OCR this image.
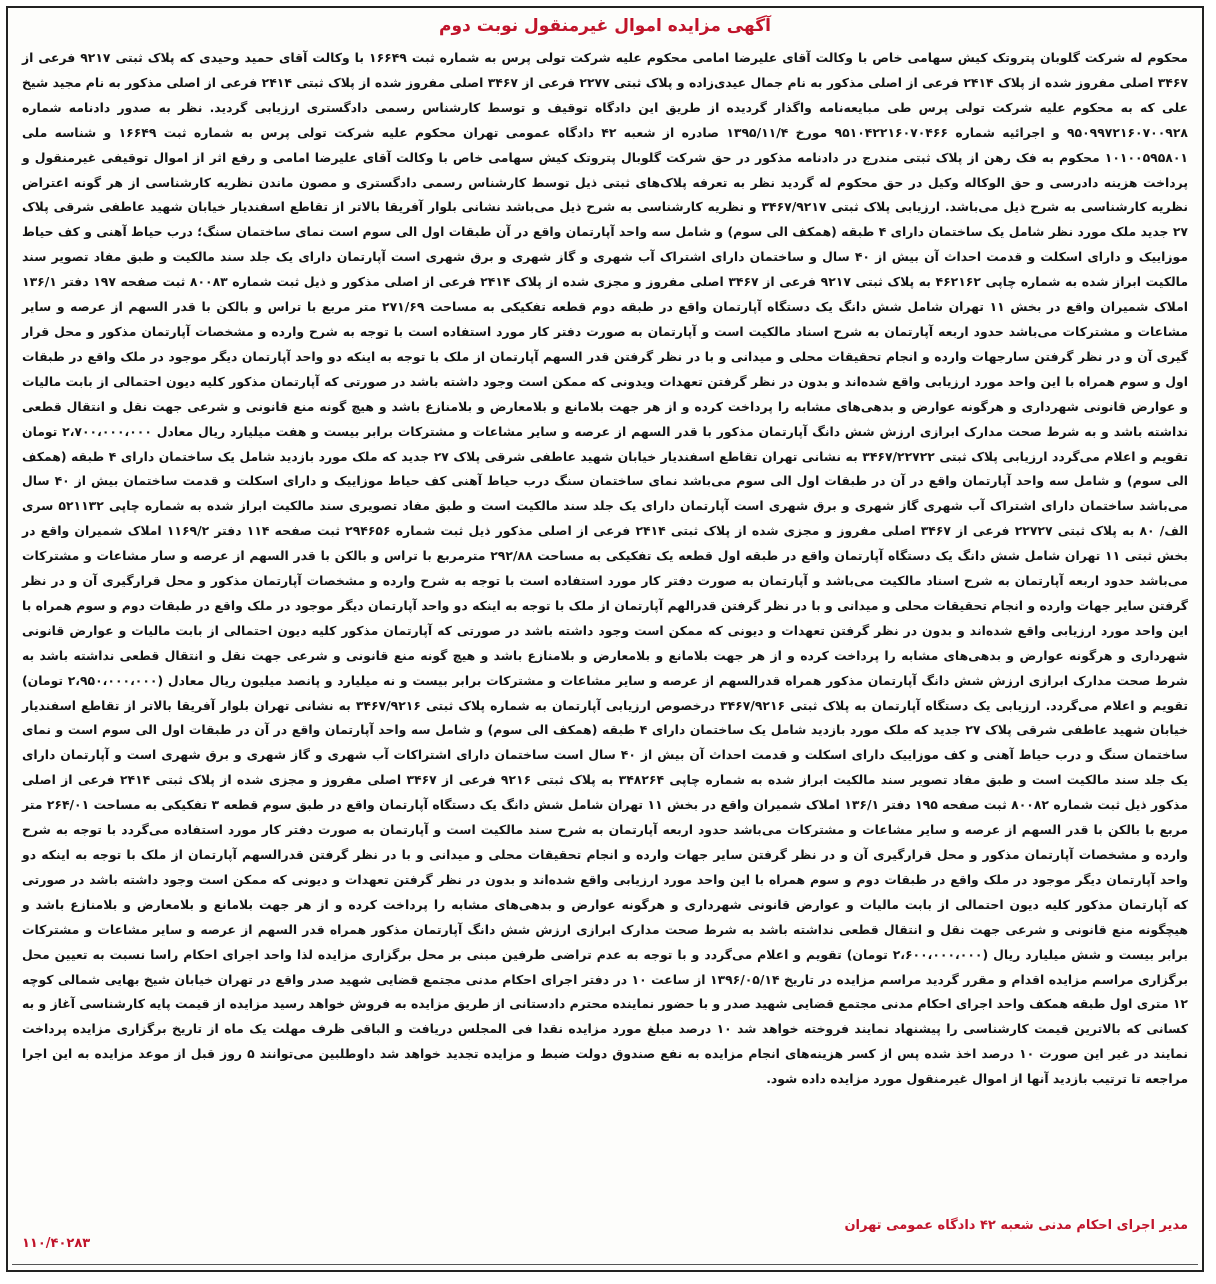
آگهی مزایده اموال غیرمنقول نوبت دوم
محکوم له شرکت گلوبان پتروتک کیش سهامی خاص با وکالت آقای علیرضا امامی محکوم علیه شرکت تولی پرس به شماره ثبت ۱۶۶۴۹ با وکالت آقای حمید وحیدی که پلاک ثبتی ۹۲۱۷ فرعی از ۳۴۶۷ اصلی مفروز شده از پلاک ۲۴۱۴ فرعی از اصلی مذکور به نام جمال عیدی‌زاده و پلاک ثبتی ۲۲۷۷ فرعی از ۳۴۶۷ اصلی مفروز شده از پلاک ثبتی ۲۴۱۴ فرعی از اصلی مذکور به نام مجید شیخ علی که به محکوم علیه شرکت تولی پرس طی مبایعه‌نامه واگذار گردیده از طریق این دادگاه توقیف و توسط کارشناس رسمی دادگستری ارزیابی گردید. نظر به صدور دادنامه شماره ۹۵۰۹۹۷۲۱۶۰۷۰۰۹۲۸ و اجرائیه شماره ۹۵۱۰۴۲۲۱۶۰۷۰۴۶۶ مورخ ۱۳۹۵/۱۱/۴ صادره از شعبه ۴۲ دادگاه عمومی تهران محکوم علیه شرکت تولی پرس به شماره ثبت ۱۶۶۴۹ و شناسه ملی ۱۰۱۰۰۵۹۵۸۰۱ محکوم به فک رهن از پلاک ثبتی مندرج در دادنامه مذکور در حق شرکت گلوبال پتروتک کیش سهامی خاص با وکالت آقای علیرضا امامی و رفع اثر از اموال توقیفی غیرمنقول و پرداخت هزینه دادرسی و حق الوکاله وکیل در حق محکوم له گردید نظر به تعرفه پلاک‌های ثبتی ذیل توسط کارشناس رسمی دادگستری و مصون ماندن نظریه کارشناسی از هر گونه اعتراض نظریه کارشناسی به شرح ذیل می‌باشد. ارزیابی پلاک ثبتی ۳۴۶۷/۹۲۱۷ و نظریه کارشناسی به شرح ذیل می‌باشد نشانی بلوار آفریقا بالاتر از تقاطع اسفندیار خیابان شهید عاطفی شرقی پلاک ۲۷ جدید ملک مورد نظر شامل یک ساختمان دارای ۴ طبقه (همکف الی سوم) و شامل سه واحد آپارتمان واقع در آن طبقات اول الی سوم است نمای ساختمان سنگ؛ درب حیاط آهنی و کف حیاط موزاییک و دارای اسکلت و قدمت احداث آن بیش از ۴۰ سال و ساختمان دارای اشتراک آب شهری و گاز شهری و برق شهری است آپارتمان دارای یک جلد سند مالکیت و طبق مفاد تصویر سند مالکیت ابراز شده به شماره چاپی ۴۶۲۱۶۲ به پلاک ثبتی ۹۲۱۷ فرعی از ۳۴۶۷ اصلی مفروز و مجزی شده از پلاک ۲۴۱۴ فرعی از اصلی مذکور و ذیل ثبت شماره ۸۰۰۸۳ ثبت صفحه ۱۹۷ دفتر ۱۳۶/۱ املاک شمیران واقع در بخش ۱۱ تهران شامل شش دانگ یک دستگاه آپارتمان واقع در طبقه دوم قطعه تفکیکی به مساحت ۲۷۱/۶۹ متر مربع با تراس و بالکن با قدر السهم از عرصه و سایر مشاعات و مشترکات می‌باشد حدود اربعه آپارتمان به شرح اسناد مالکیت است و آپارتمان به صورت دفتر کار مورد استفاده است با توجه به شرح وارده و مشخصات آپارتمان مذکور و محل قرار گیری آن و در نظر گرفتن سارجهات وارده و انجام تحقیقات محلی و میدانی و با در نظر گرفتن قدر السهم آپارتمان از ملک با توجه به اینکه دو واحد آپارتمان دیگر موجود در ملک واقع در طبقات اول و سوم همراه با این واحد مورد ارزیابی واقع شده‌اند و بدون در نظر گرفتن تعهدات ویدونی که ممکن است وجود داشته باشد در صورتی که آپارتمان مذکور کلیه دیون احتمالی از بابت مالیات و عوارض قانونی شهرداری و هرگونه عوارض و بدهی‌های مشابه را پرداخت کرده و از هر جهت بلامانع و بلامعارض و بلامنازع باشد و هیچ گونه منع قانونی و شرعی جهت نقل و انتقال قطعی نداشته باشد و به شرط صحت مدارک ابرازی ارزش شش دانگ آپارتمان مذکور با قدر السهم از عرصه و سایر مشاعات و مشترکات برابر بیست و هفت میلیارد ریال معادل ۲،۷۰۰،۰۰۰،۰۰۰ تومان تقویم و اعلام می‌گردد ارزیابی پلاک ثبتی ۳۴۶۷/۲۲۷۲۲ به نشانی تهران تقاطع اسفندیار خیابان شهید عاطفی شرقی پلاک ۲۷ جدید که ملک مورد بازدید شامل یک ساختمان دارای ۴ طبقه (همکف الی سوم) و شامل سه واحد آپارتمان واقع در آن در طبقات اول الی سوم می‌باشد نمای ساختمان سنگ درب حیاط آهنی کف حیاط موزاییک و دارای اسکلت و قدمت ساختمان بیش از ۴۰ سال می‌باشد ساختمان دارای اشتراک آب شهری گاز شهری و برق شهری است آپارتمان دارای یک جلد سند مالکیت است و طبق مفاد تصویری سند مالکیت ابراز شده به شماره چاپی ۵۲۱۱۳۲ سری الف/ ۸۰ به پلاک ثبتی ۲۲۷۲۷ فرعی از ۳۴۶۷ اصلی مفروز و مجزی شده از پلاک ثبتی ۲۴۱۴ فرعی از اصلی مذکور ذیل ثبت شماره ۲۹۴۶۵۶ ثبت صفحه ۱۱۴ دفتر ۱۱۶۹/۲ املاک شمیران واقع در بخش ثبتی ۱۱ تهران شامل شش دانگ یک دستگاه آپارتمان واقع در طبقه اول قطعه یک تفکیکی به مساحت ۲۹۲/۸۸ مترمربع با تراس و بالکن با قدر السهم از عرصه و سار مشاعات و مشترکات می‌باشد حدود اربعه آپارتمان به شرح اسناد مالکیت می‌باشد و آپارتمان به صورت دفتر کار مورد استفاده است با توجه به شرح وارده و مشخصات آپارتمان مذکور و محل قرارگیری آن و در نظر گرفتن سایر جهات وارده و انجام تحقیقات محلی و میدانی و با در نظر گرفتن قدرالهم آپارتمان از ملک با توجه به اینکه دو واحد آپارتمان دیگر موجود در ملک واقع در طبقات دوم و سوم همراه با این واحد مورد ارزیابی واقع شده‌اند و بدون در نظر گرفتن تعهدات و دیونی که ممکن است وجود داشته باشد در صورتی که آپارتمان مذکور کلیه دیون احتمالی از بابت مالیات و عوارض قانونی شهرداری و هرگونه عوارض و بدهی‌های مشابه را پرداخت کرده و از هر جهت بلامانع و بلامعارض و بلامنازع باشد و هیچ گونه منع قانونی و شرعی جهت نقل و انتقال قطعی نداشته باشد به شرط صحت مدارک ابرازی ارزش شش دانگ آپارتمان مذکور همراه قدرالسهم از عرصه و سایر مشاعات و مشترکات برابر بیست و نه میلیارد و پانصد میلیون ریال معادل (۲،۹۵۰،۰۰۰،۰۰۰ تومان) تقویم و اعلام می‌گردد. ارزیابی یک دستگاه آپارتمان به پلاک ثبتی ۳۴۶۷/۹۲۱۶ درخصوص ارزیابی آپارتمان به شماره پلاک ثبتی ۳۴۶۷/۹۲۱۶ به نشانی تهران بلوار آفریقا بالاتر از تقاطع اسفندیار خیابان شهید عاطفی شرقی پلاک ۲۷ جدید که ملک مورد بازدید شامل یک ساختمان دارای ۴ طبقه (همکف الی سوم) و شامل سه واحد آپارتمان واقع در آن در طبقات اول الی سوم است و نمای ساختمان سنگ و درب حیاط آهنی و کف موزاییک دارای اسکلت و قدمت احداث آن بیش از ۴۰ سال است ساختمان دارای اشتراکات آب شهری و گاز شهری و برق شهری است و آپارتمان دارای یک جلد سند مالکیت است و طبق مفاد تصویر سند مالکیت ابراز شده به شماره چاپی ۳۴۸۲۶۴ به پلاک ثبتی ۹۲۱۶ فرعی از ۳۴۶۷ اصلی مفروز و مجزی شده از پلاک ثبتی ۲۴۱۴ فرعی از اصلی مذکور ذیل ثبت شماره ۸۰۰۸۲ ثبت صفحه ۱۹۵ دفتر ۱۳۶/۱ املاک شمیران واقع در بخش ۱۱ تهران شامل شش دانگ یک دستگاه آپارتمان واقع در طبق سوم قطعه ۳ تفکیکی به مساحت ۲۶۴/۰۱ متر مربع با بالکن با قدر السهم از عرصه و سایر مشاعات و مشترکات می‌باشد حدود اربعه آپارتمان به شرح سند مالکیت است و آپارتمان به صورت دفتر کار مورد استفاده می‌گردد با توجه به شرح وارده و مشخصات آپارتمان مذکور و محل قرارگیری آن و در نظر گرفتن سایر جهات وارده و انجام تحقیقات محلی و میدانی و با در نظر گرفتن قدرالسهم آپارتمان از ملک با توجه به اینکه دو واحد آپارتمان دیگر موجود در ملک واقع در طبقات دوم و سوم همراه با این واحد مورد ارزیابی واقع شده‌اند و بدون در نظر گرفتن تعهدات و دیونی که ممکن است وجود داشته باشد در صورتی که آپارتمان مذکور کلیه دیون احتمالی از بابت مالیات و عوارض قانونی شهرداری و هرگونه عوارض و بدهی‌های مشابه را پرداخت کرده و از هر جهت بلامانع و بلامعارض و بلامنازع باشد و هیچگونه منع قانونی و شرعی جهت نقل و انتقال قطعی نداشته باشد به شرط صحت مدارک ابرازی ارزش شش دانگ آپارتمان مذکور همراه قدر السهم از عرصه و سایر مشاعات و مشترکات برابر بیست و شش میلیارد ریال (۲،۶۰۰،۰۰۰،۰۰۰ تومان) تقویم و اعلام می‌گردد و با توجه به عدم تراضی طرفین مبنی بر محل برگزاری مزایده لذا واحد اجرای احکام راسا نسبت به تعیین محل برگزاری مراسم مزایده اقدام و مقرر گردید مراسم مزایده در تاریخ ۱۳۹۶/۰۵/۱۴ از ساعت ۱۰ در دفتر اجرای احکام مدنی مجتمع قضایی شهید صدر واقع در تهران خیابان شیخ بهایی شمالی کوچه ۱۲ متری اول طبقه همکف واحد اجرای احکام مدنی مجتمع قضایی شهید صدر و با حضور نماینده محترم دادستانی از طریق مزایده به فروش خواهد رسید مزایده از قیمت پایه کارشناسی آغاز و به کسانی که بالاترین قیمت کارشناسی را پیشنهاد نمایند فروخته خواهد شد ۱۰ درصد مبلغ مورد مزایده نقدا فی المجلس دریافت و الباقی ظرف مهلت یک ماه از تاریخ برگزاری مزایده پرداخت نمایند در غیر این صورت ۱۰ درصد اخذ شده پس از کسر هزینه‌های انجام مزایده به نفع صندوق دولت ضبط و مزایده تجدید خواهد شد داوطلبین می‌توانند ۵ روز قبل از موعد مزایده به این اجرا مراجعه تا ترتیب بازدید آنها از اموال غیرمنقول مورد مزایده داده شود.
مدیر اجرای احکام مدنی شعبه ۴۲ دادگاه عمومی تهران
۱۱۰/۴۰۲۸۳
